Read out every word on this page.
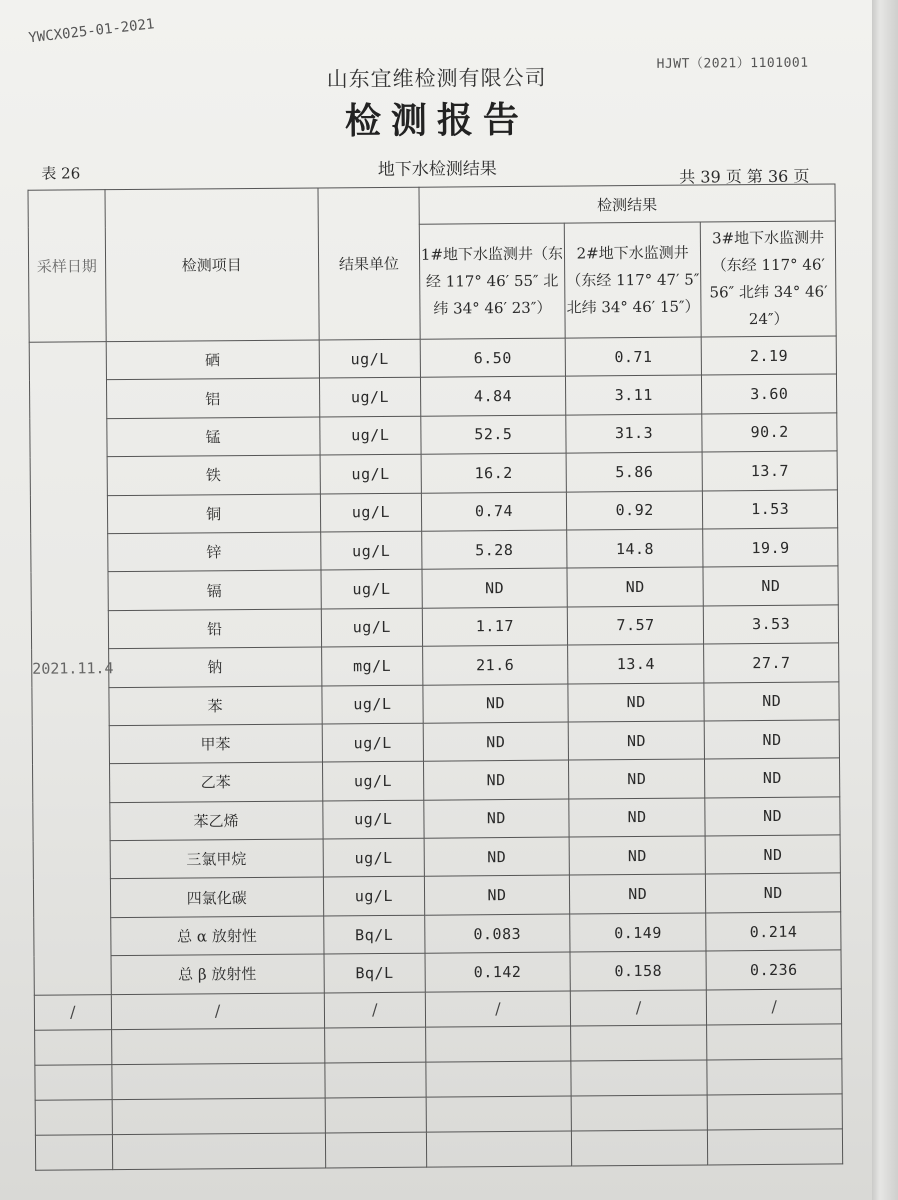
YWCX025-01-2021
HJWT（2021）1101001
山东宜维检测有限公司
检测报告
表 26	地下水检测结果	共 39 页 第 36 页
采样日期	检测项目	结果单位	检测结果		
			1#地下水监测井（东经 117° 46′ 55″ 北纬 34° 46′ 23″）	2#地下水监测井（东经 117° 47′ 5″ 北纬 34° 46′ 15″）	3#地下水监测井（东经 117° 46′ 56″ 北纬 34° 46′ 24″）
2021.11.4	硒	ug/L	6.50	0.71	2.19
	铝	ug/L	4.84	3.11	3.60
	锰	ug/L	52.5	31.3	90.2
	铁	ug/L	16.2	5.86	13.7
	铜	ug/L	0.74	0.92	1.53
	锌	ug/L	5.28	14.8	19.9
	镉	ug/L	ND	ND	ND
	铅	ug/L	1.17	7.57	3.53
	钠	mg/L	21.6	13.4	27.7
	苯	ug/L	ND	ND	ND
	甲苯	ug/L	ND	ND	ND
	乙苯	ug/L	ND	ND	ND
	苯乙烯	ug/L	ND	ND	ND
	三氯甲烷	ug/L	ND	ND	ND
	四氯化碳	ug/L	ND	ND	ND
	总 α 放射性	Bq/L	0.083	0.149	0.214
	总 β 放射性	Bq/L	0.142	0.158	0.236
/	/	/	/	/	/
